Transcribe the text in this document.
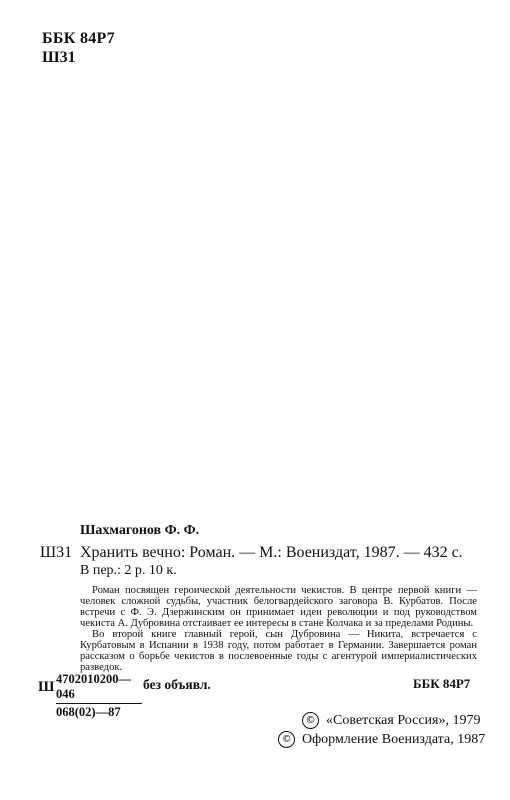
ББК 84Р7
Ш31
Шахмагонов Ф. Ф.
Ш31 Хранить вечно: Роман. — М.: Воениздат, 1987. — 432 с.
В пер.: 2 р. 10 к.
Роман посвящен героической деятельности чекистов. В центре первой книги — человек сложной судьбы, участник белогвардейского заговора В. Курбатов. После встречи с Ф. Э. Дзержинским он принимает идеи революции и под руководством чекиста А. Дубровина отстаивает ее интересы в стане Колчака и за пределами Родины.
Во второй книге главный герой, сын Дубровина — Никита, встречается с Курбатовым в Испании в 1938 году, потом работает в Германии. Завершается роман рассказом о борьбе чекистов в послевоенные годы с агентурой империалистических разведок.
Ш $\frac{4702010200—046}{068(02)—87}$ без объявл.	ББК 84Р7
© «Советская Россия», 1979
© Оформление Воениздата, 1987
